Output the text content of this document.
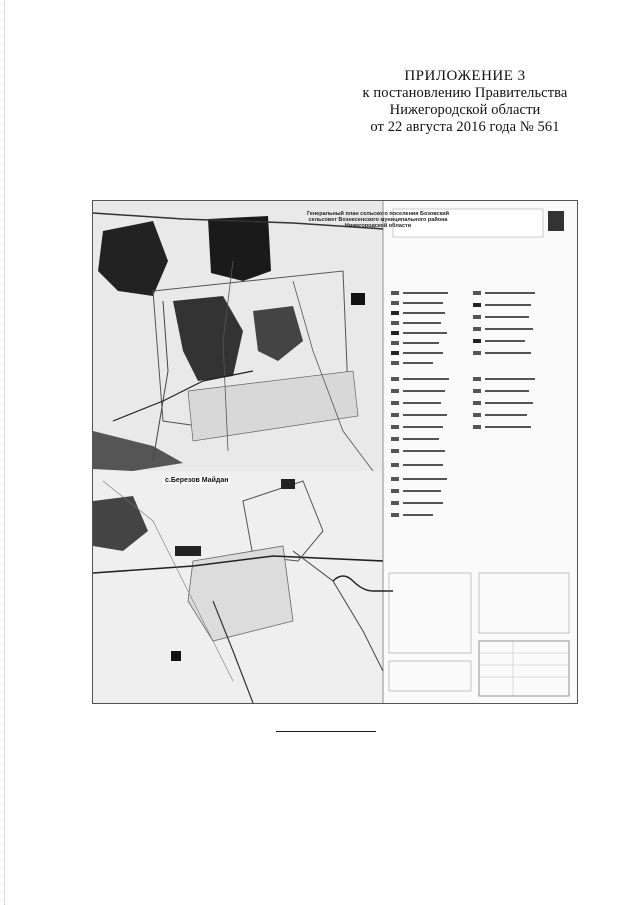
ПРИЛОЖЕНИЕ 3
к постановлению Правительства
Нижегородской области
от 22 августа 2016 года № 561
Генеральный план сельского поселения Бозовский сельсовет Вознесенского муниципального района Нижегородской области
с.Березов Майдан
